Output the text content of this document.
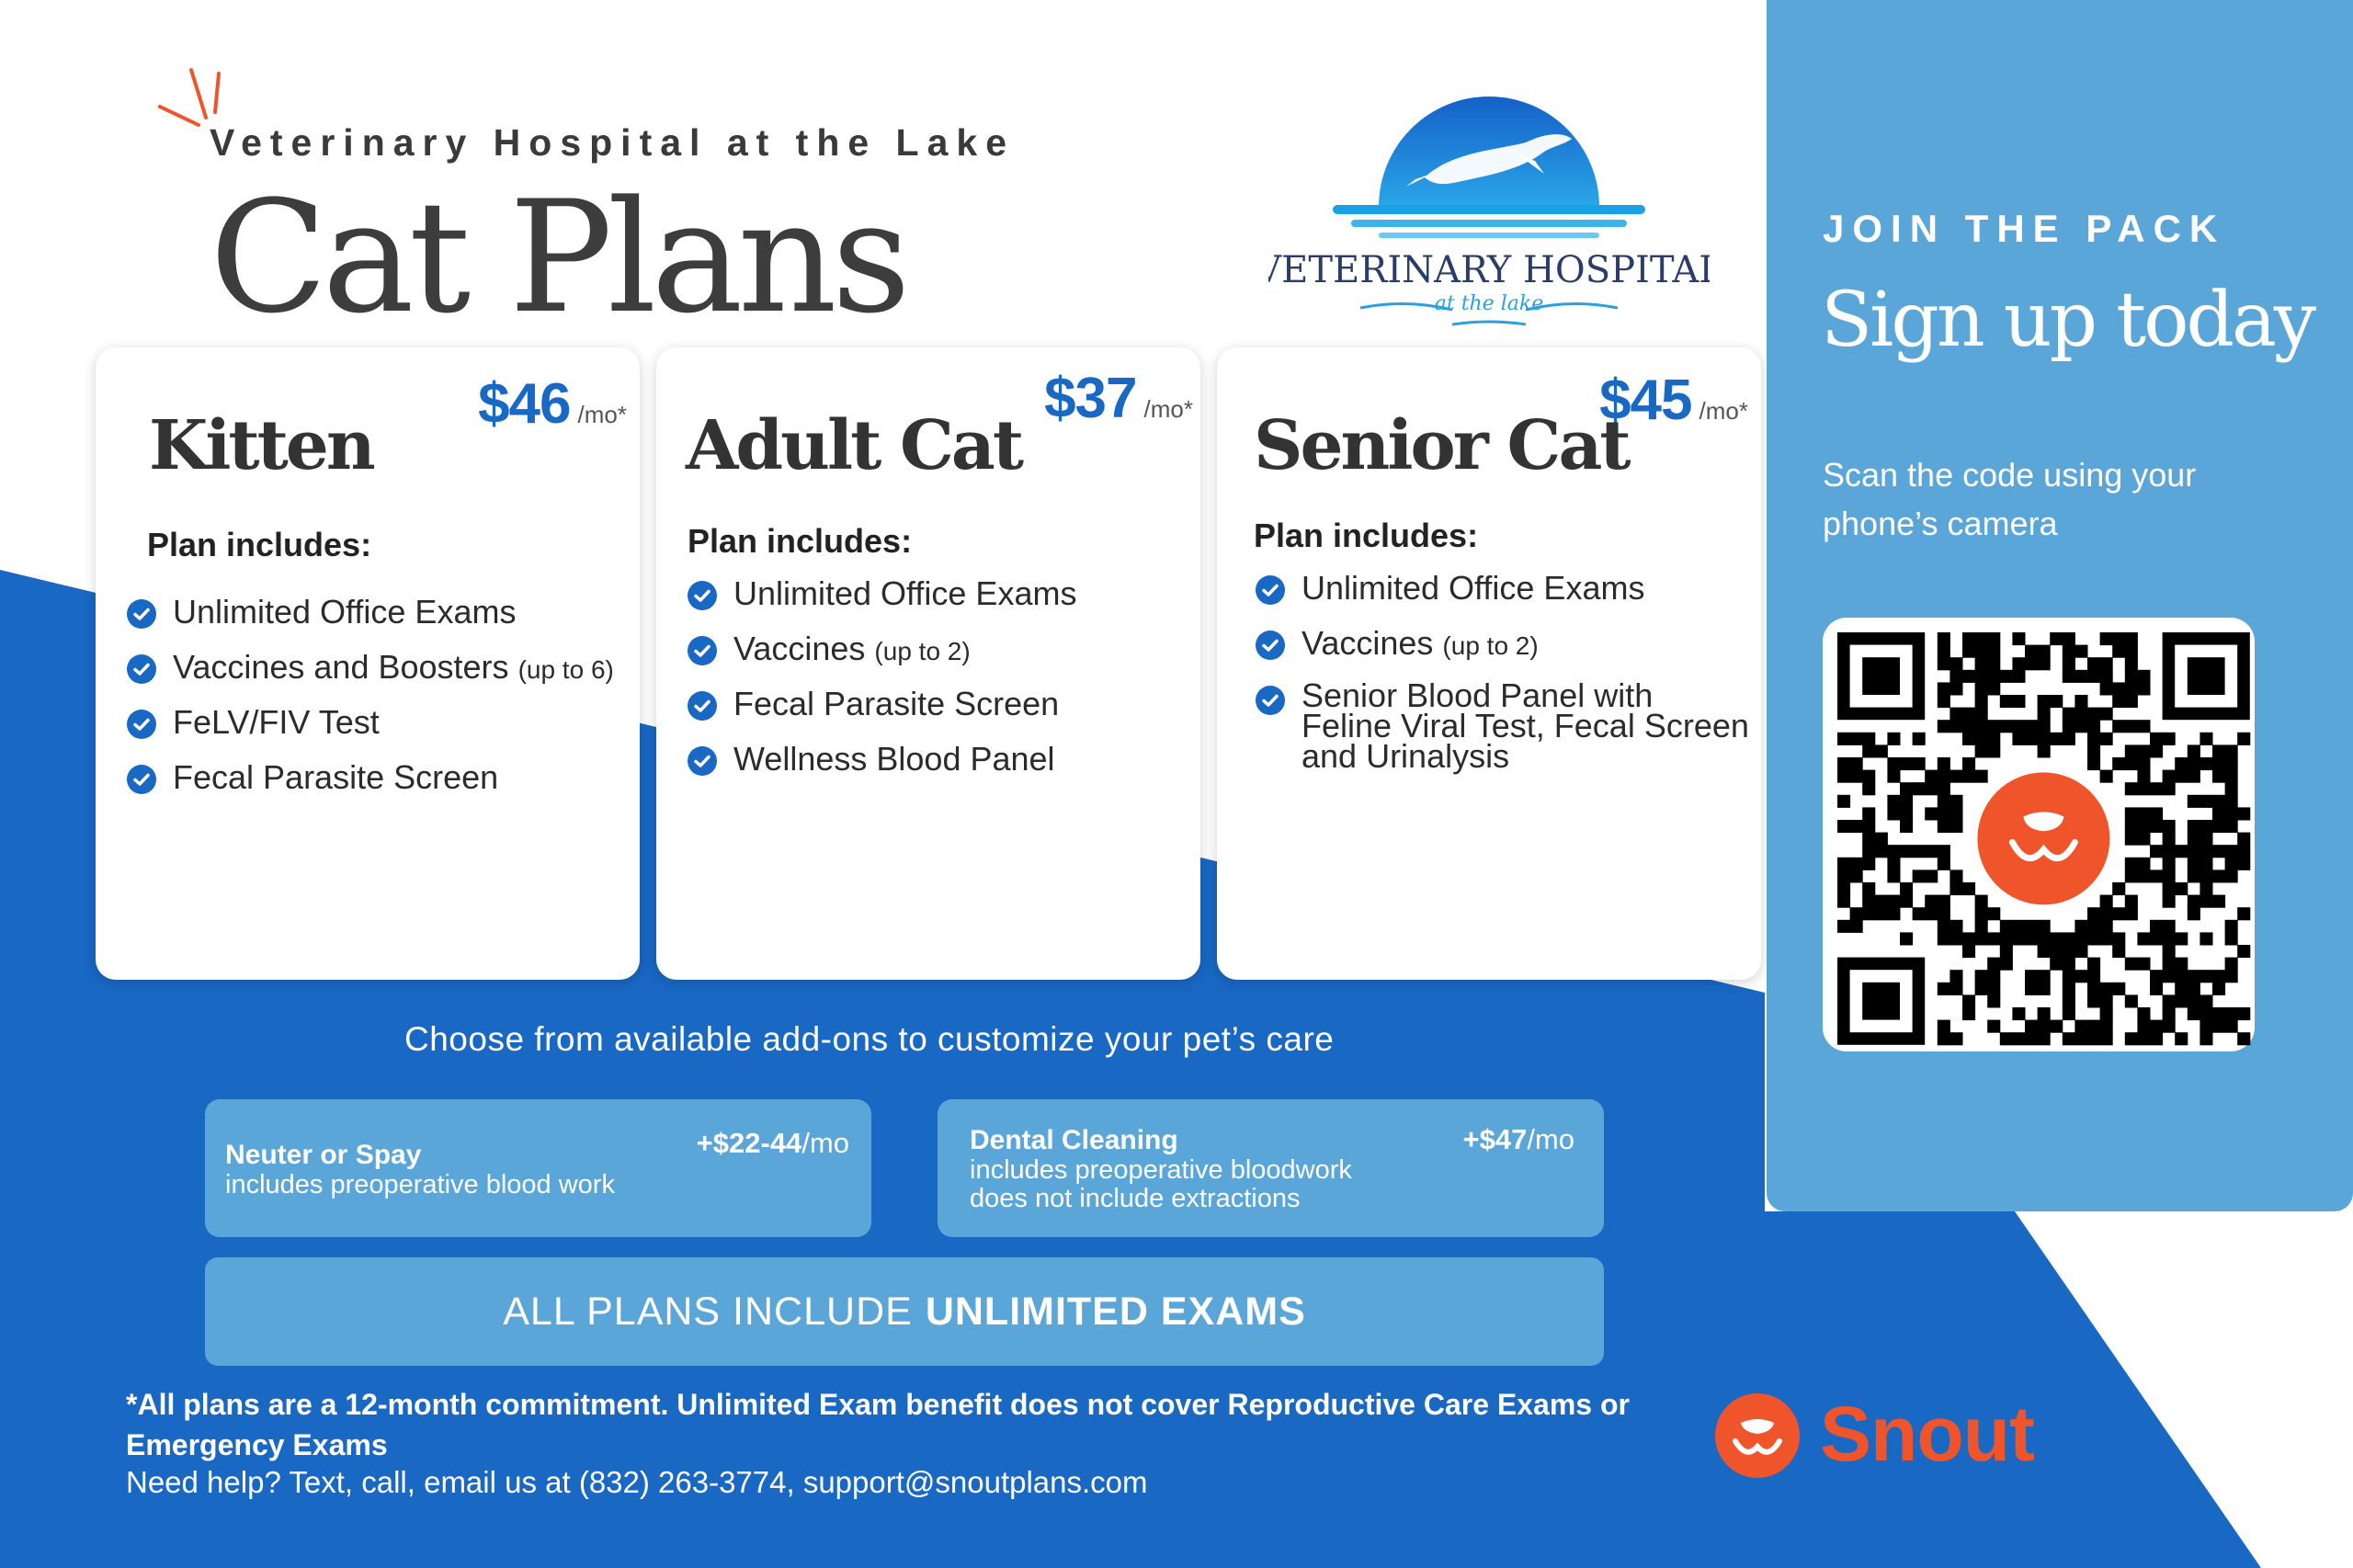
Veterinary Hospital at the Lake
Cat Plans	VETERINARY HOSPITAL
at the lake
$46 /mo*
Kitten
Plan includes:
Unlimited Office Exams
Vaccines and Boosters (up to 6)
FeLV/FIV Test
Fecal Parasite Screen
$37 /mo*
Adult Cat
Plan includes:
Unlimited Office Exams
Vaccines (up to 2)
Fecal Parasite Screen
Wellness Blood Panel
$45 /mo*
Senior Cat
Plan includes:
Unlimited Office Exams
Vaccines (up to 2)
Senior Blood Panel with Feline Viral Test, Fecal Screen and Urinalysis
Choose from available add-ons to customize your pet’s care
Neuter or Spay
includes preoperative blood work
+$22-44/mo	Dental Cleaning
includes preoperative bloodwork
does not include extractions
+$47/mo
ALL PLANS INCLUDE UNLIMITED EXAMS
*All plans are a 12-month commitment. Unlimited Exam benefit does not cover Reproductive Care Exams or Emergency Exams
Need help? Text, call, email us at (832) 263-3774, support@snoutplans.com
Snout
JOIN THE PACK
Sign up today
Scan the code using your phone’s camera
